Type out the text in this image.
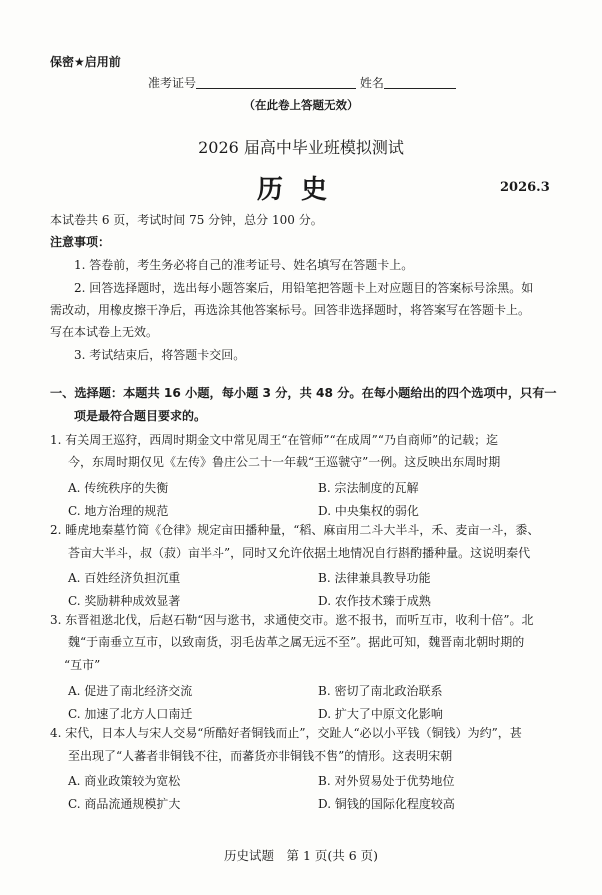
保密★启用前
准考证号	姓名
（在此卷上答题无效）
2026 届高中毕业班模拟测试
历史	2026.3
本试卷共 6 页，考试时间 75 分钟，总分 100 分。
注意事项：
1. 答卷前，考生务必将自己的准考证号、姓名填写在答题卡上。
2. 回答选择题时，选出每小题答案后，用铅笔把答题卡上对应题目的答案标号涂黑。如
需改动，用橡皮擦干净后，再选涂其他答案标号。回答非选择题时，将答案写在答题卡上。
写在本试卷上无效。
3. 考试结束后，将答题卡交回。
一、选择题：本题共 16 小题，每小题 3 分，共 48 分。在每小题给出的四个选项中，只有一
项是最符合题目要求的。
1. 有关周王巡狩，西周时期金文中常见周王“在管师”“在成周”“乃自商师”的记载；迄
今，东周时期仅见《左传》鲁庄公二十一年载“王巡虢守”一例。这反映出东周时期
A. 传统秩序的失衡	B. 宗法制度的瓦解
C. 地方治理的规范	D. 中央集权的弱化
2. 睡虎地秦墓竹简《仓律》规定亩田播种量，“稻、麻亩用二斗大半斗，禾、麦亩一斗，黍、
荅亩大半斗，叔（菽）亩半斗”，同时又允许依据土地情况自行斟酌播种量。这说明秦代
A. 百姓经济负担沉重	B. 法律兼具教导功能
C. 奖励耕种成效显著	D. 农作技术臻于成熟
3. 东晋祖逖北伐，后赵石勒“因与逖书，求通使交市。逖不报书，而听互市，收利十倍”。北
魏“于南垂立互市，以致南货，羽毛齿革之属无远不至”。据此可知，魏晋南北朝时期的
“互市”
A. 促进了南北经济交流	B. 密切了南北政治联系
C. 加速了北方人口南迁	D. 扩大了中原文化影响
4. 宋代，日本人与宋人交易“所酷好者铜钱而止”，交趾人“必以小平钱（铜钱）为约”，甚
至出现了“人蕃者非铜钱不往，而蕃货亦非铜钱不售”的情形。这表明宋朝
A. 商业政策较为宽松	B. 对外贸易处于优势地位
C. 商品流通规模扩大	D. 铜钱的国际化程度较高
历史试题　第 1 页(共 6 页)
